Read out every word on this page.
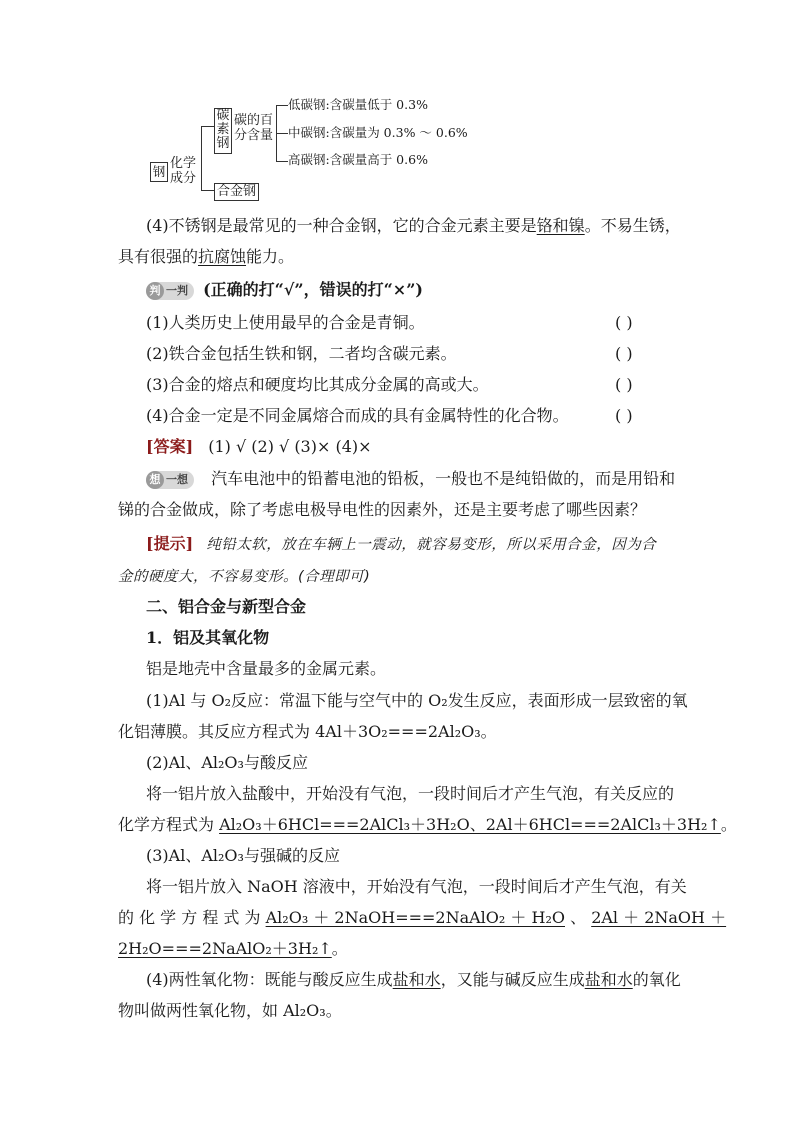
钢
化学成分
碳素钢
碳的百分含量
低碳钢:含碳量低于 0.3%
中碳钢:含碳量为 0.3% ～ 0.6%
高碳钢:含碳量高于 0.6%
合金钢
(4)不锈钢是最常见的一种合金钢，它的合金元素主要是铬和镍。不易生锈，
具有很强的抗腐蚀能力。
判 一判 (正确的打“√”，错误的打“×”)
(1)人类历史上使用最早的合金是青铜。	( )
(2)铁合金包括生铁和钢，二者均含碳元素。	( )
(3)合金的熔点和硬度均比其成分金属的高或大。	( )
(4)合金一定是不同金属熔合而成的具有金属特性的化合物。	( )
[答案] (1) √ (2) √ (3)× (4)×
想 一想 汽车电池中的铅蓄电池的铅板，一般也不是纯铅做的，而是用铅和
锑的合金做成，除了考虑电极导电性的因素外，还是主要考虑了哪些因素？
[提示] 纯铅太软，放在车辆上一震动，就容易变形，所以采用合金，因为合
金的硬度大，不容易变形。(合理即可)
二、铝合金与新型合金
1．铝及其氧化物
铝是地壳中含量最多的金属元素。
(1)Al 与 O₂反应：常温下能与空气中的 O₂发生反应，表面形成一层致密的氧
化铝薄膜。其反应方程式为 4Al＋3O₂===2Al₂O₃。
(2)Al、Al₂O₃与酸反应
将一铝片放入盐酸中，开始没有气泡，一段时间后才产生气泡，有关反应的
化学方程式为 Al₂O₃＋6HCl===2AlCl₃＋3H₂O、2Al＋6HCl===2AlCl₃＋3H₂↑。
(3)Al、Al₂O₃与强碱的反应
将一铝片放入 NaOH 溶液中，开始没有气泡，一段时间后才产生气泡，有关
的 化 学 方 程 式 为 Al₂O₃ ＋ 2NaOH===2NaAlO₂ ＋ H₂O 、 2Al ＋ 2NaOH ＋
2H₂O===2NaAlO₂＋3H₂↑。
(4)两性氧化物：既能与酸反应生成盐和水，又能与碱反应生成盐和水的氧化
物叫做两性氧化物，如 Al₂O₃。
